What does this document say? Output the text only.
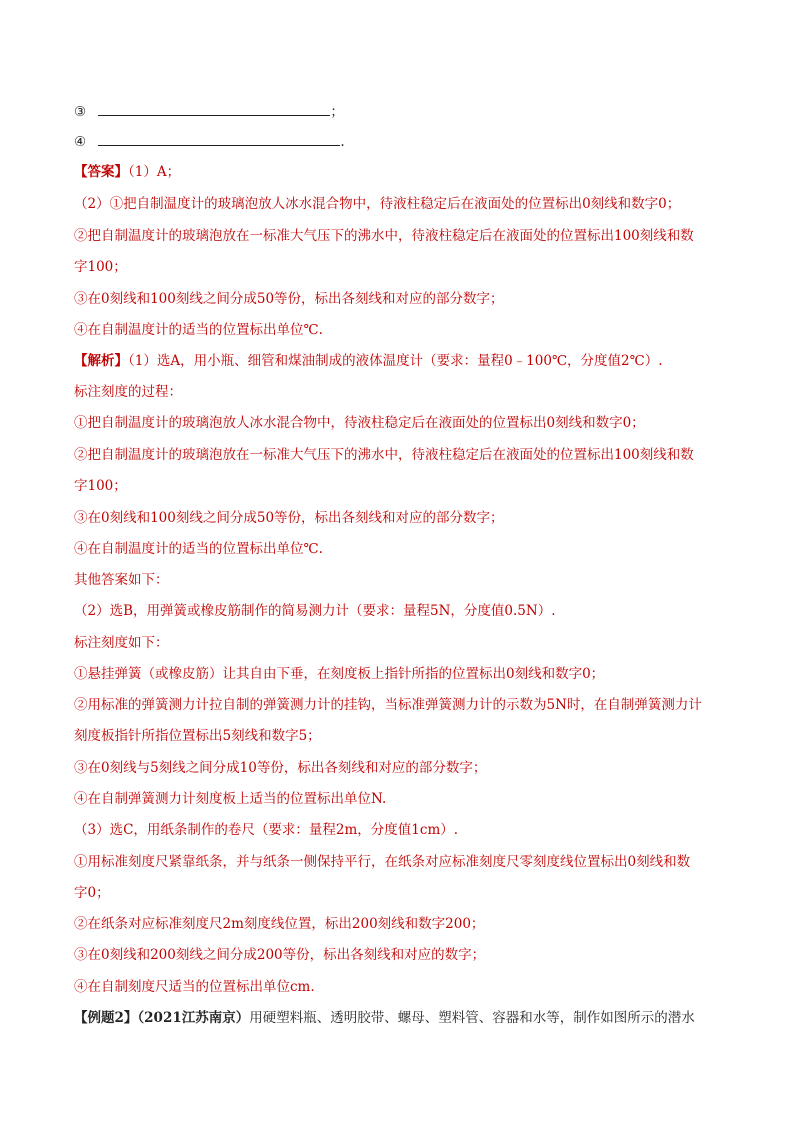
③	；
④	.
【答案】（1）A；
（2）①把自制温度计的玻璃泡放人冰水混合物中，待液柱稳定后在液面处的位置标出0刻线和数字0；
②把自制温度计的玻璃泡放在一标准大气压下的沸水中，待液柱稳定后在液面处的位置标出100刻线和数
字100；
③在0刻线和100刻线之间分成50等份，标出各刻线和对应的部分数字；
④在自制温度计的适当的位置标出单位℃.
【解析】（1）选A，用小瓶、细管和煤油制成的液体温度计（要求：量程0﹣100℃，分度值2℃）.
标注刻度的过程：
①把自制温度计的玻璃泡放人冰水混合物中，待液柱稳定后在液面处的位置标出0刻线和数字0；
②把自制温度计的玻璃泡放在一标准大气压下的沸水中，待液柱稳定后在液面处的位置标出100刻线和数
字100；
③在0刻线和100刻线之间分成50等份，标出各刻线和对应的部分数字；
④在自制温度计的适当的位置标出单位℃.
其他答案如下：
（2）选B，用弹簧或橡皮筋制作的简易测力计（要求：量程5N，分度值0.5N）.
标注刻度如下：
①悬挂弹簧（或橡皮筋）让其自由下垂，在刻度板上指针所指的位置标出0刻线和数字0；
②用标准的弹簧测力计拉自制的弹簧测力计的挂钩，当标准弹簧测力计的示数为5N时，在自制弹簧测力计
刻度板指针所指位置标出5刻线和数字5；
③在0刻线与5刻线之间分成10等份，标出各刻线和对应的部分数字；
④在自制弹簧测力计刻度板上适当的位置标出单位N.
（3）选C，用纸条制作的卷尺（要求：量程2m，分度值1cm）.
①用标准刻度尺紧靠纸条，并与纸条一侧保持平行，在纸条对应标准刻度尺零刻度线位置标出0刻线和数
字0；
②在纸条对应标准刻度尺2m刻度线位置，标出200刻线和数字200；
③在0刻线和200刻线之间分成200等份，标出各刻线和对应的数字；
④在自制刻度尺适当的位置标出单位cm.
【例题2】（2021江苏南京）用硬塑料瓶、透明胶带、螺母、塑料管、容器和水等，制作如图所示的潜水
